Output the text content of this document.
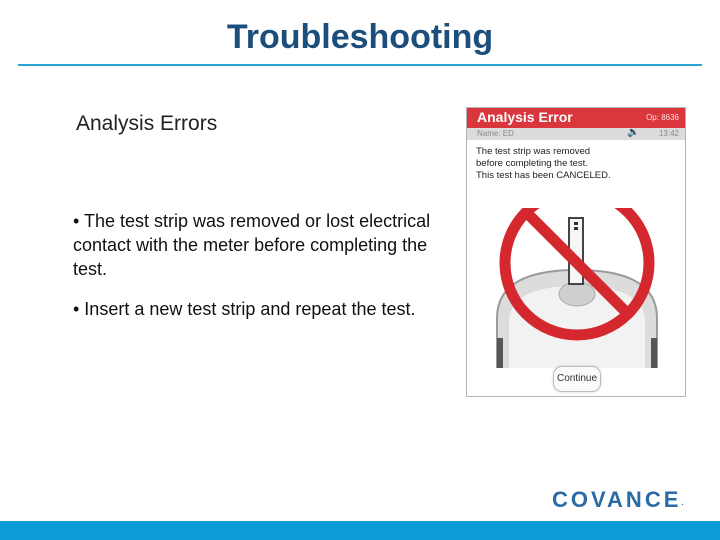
Troubleshooting
Analysis Errors
• The test strip was removed or lost electrical contact with the meter before completing the test.
• Insert a new test strip and repeat the test.
Analysis Error	Op: 8636
Name: ED	🔈 13:42
The test strip was removed
before completing the test.
This test has been CANCELED.
Continue
COVANCE.
